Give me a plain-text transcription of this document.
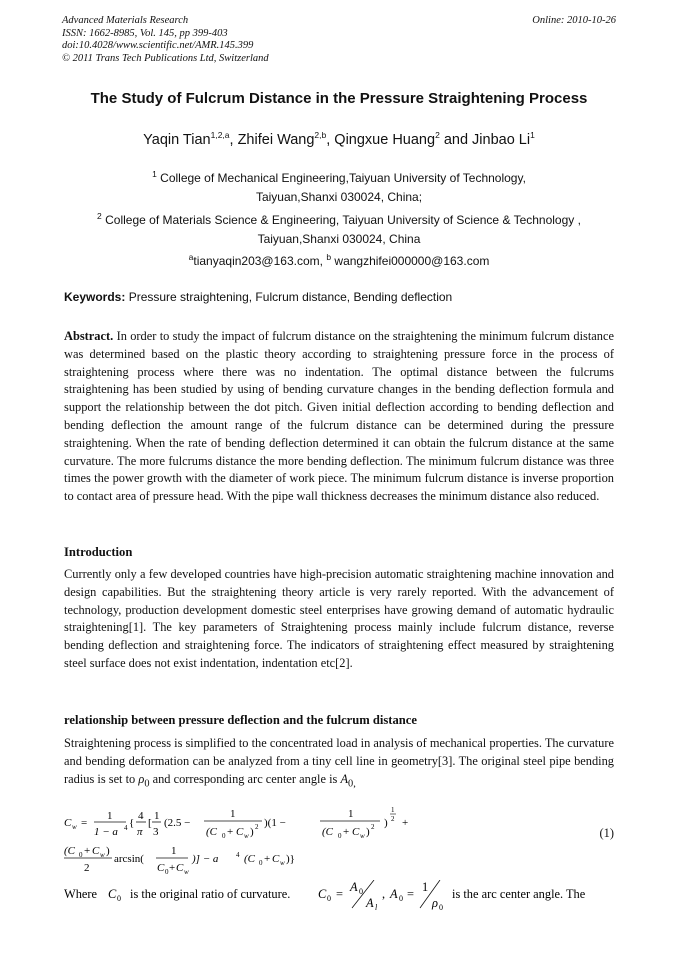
Advanced Materials Research
ISSN: 1662-8985, Vol. 145, pp 399-403
doi:10.4028/www.scientific.net/AMR.145.399
© 2011 Trans Tech Publications Ltd, Switzerland
Online: 2010-10-26
The Study of Fulcrum Distance in the Pressure Straightening Process
Yaqin Tian$^{1,2,a}$, Zhifei Wang$^{2,b}$, Qingxue Huang$^2$ and Jinbao Li$^1$
$^1$ College of Mechanical Engineering,Taiyuan University of Technology,
Taiyuan,Shanxi 030024, China;
$^2$ College of Materials Science & Engineering, Taiyuan University of Science & Technology ,
Taiyuan,Shanxi 030024, China
$^a$tianyaqin203@163.com, $^b$ wangzhifei000000@163.com
Keywords: Pressure straightening, Fulcrum distance, Bending deflection
Abstract. In order to study the impact of fulcrum distance on the straightening the minimum fulcrum distance was determined based on the plastic theory according to straightening pressure force in the process of straightening process where there was no indentation. The optimal distance between the fulcrums straightening has been studied by using of bending curvature changes in the bending deflection formula and support the relationship between the dot pitch. Given initial deflection according to bending deflection and bending deflection the amount range of the fulcrum distance can be determined during the pressure straightening. When the rate of bending deflection determined it can obtain the fulcrum distance at the same curvature. The more fulcrums distance the more bending deflection. The minimum fulcrum distance was three times the power growth with the diameter of work piece. The minimum fulcrum distance is inverse proportion to contact area of pressure head. With the pipe wall thickness decreases the minimum distance also reduced.
Introduction
Currently only a few developed countries have high-precision automatic straightening machine innovation and design capabilities. But the straightening theory article is very rarely reported. With the advancement of technology, production development domestic steel enterprises have growing demand of automatic hydraulic straightening[1]. The key parameters of Straightening process mainly include fulcrum distance, reverse bending deflection and straightening force. The indicators of straightening effect measured by straightening steel surface does not exist indentation, indentation etc[2].
relationship between pressure deflection and the fulcrum distance
Straightening process is simplified to the concentrated load in analysis of mechanical properties. The curvature and bending deformation can be analyzed from a tiny cell line in geometry[3]. The original steel pipe bending radius is set to $\rho_0$ and corresponding arc center angle is $A_{0,}$
C w =
1
1 − a 4 {
4
π
[
1
3
(2.5 −
1
(C 0 + C w ) 2 )(1 −
1
(C 0 + C w ) 2 )
1
2 +
(C 0 + C w )
2
arcsin(
1
C 0 + C w
)] − a	4 (C 0 + C w )}
(1)
Where C 0 is the original ratio of curvature. C 0 = A 0
A l
, A 0 = 1
ρ 0
is the arc center angle. The
